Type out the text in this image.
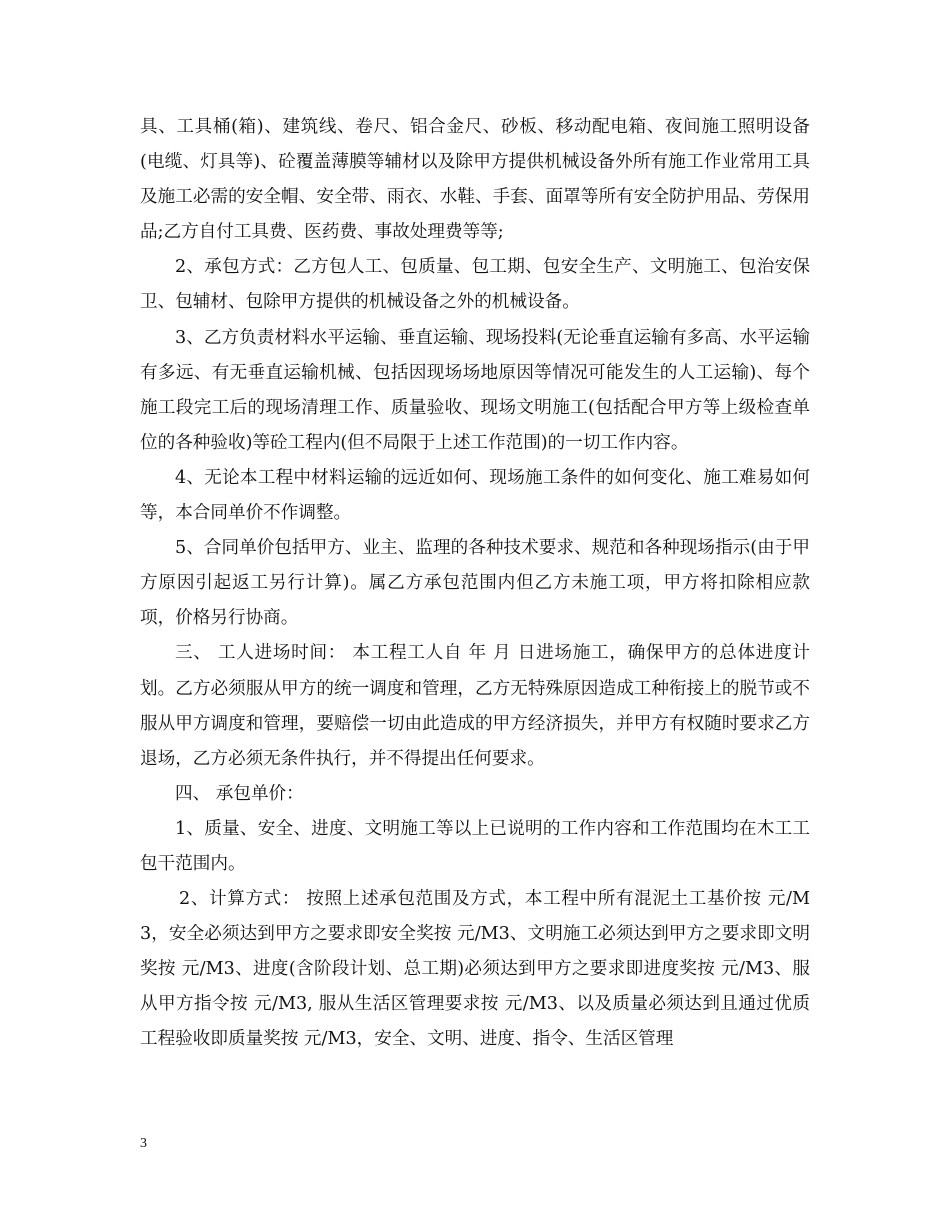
具、工具桶(箱)、建筑线、卷尺、铝合金尺、砂板、移动配电箱、夜间施工照明设备(电缆、灯具等)、砼覆盖薄膜等辅材以及除甲方提供机械设备外所有施工作业常用工具及施工必需的安全帽、安全带、雨衣、水鞋、手套、面罩等所有安全防护用品、劳保用品;乙方自付工具费、医药费、事故处理费等等;

2、承包方式：乙方包人工、包质量、包工期、包安全生产、文明施工、包治安保卫、包辅材、包除甲方提供的机械设备之外的机械设备。

3、乙方负责材料水平运输、垂直运输、现场投料(无论垂直运输有多高、水平运输有多远、有无垂直运输机械、包括因现场场地原因等情况可能发生的人工运输)、每个施工段完工后的现场清理工作、质量验收、现场文明施工(包括配合甲方等上级检查单位的各种验收)等砼工程内(但不局限于上述工作范围)的一切工作内容。

4、无论本工程中材料运输的远近如何、现场施工条件的如何变化、施工难易如何等，本合同单价不作调整。

5、合同单价包括甲方、业主、监理的各种技术要求、规范和各种现场指示(由于甲方原因引起返工另行计算)。属乙方承包范围内但乙方未施工项，甲方将扣除相应款项，价格另行协商。

三、 工人进场时间： 本工程工人自 年 月 日进场施工，确保甲方的总体进度计划。乙方必须服从甲方的统一调度和管理，乙方无特殊原因造成工种衔接上的脱节或不服从甲方调度和管理，要赔偿一切由此造成的甲方经济损失，并甲方有权随时要求乙方退场，乙方必须无条件执行，并不得提出任何要求。

四、 承包单价：

1、质量、安全、进度、文明施工等以上已说明的工作内容和工作范围均在木工工包干范围内。

2、计算方式： 按照上述承包范围及方式，本工程中所有混泥土工基价按 元/M3，安全必须达到甲方之要求即安全奖按 元/M3、文明施工必须达到甲方之要求即文明奖按 元/M3、进度(含阶段计划、总工期)必须达到甲方之要求即进度奖按 元/M3、服从甲方指令按 元/M3, 服从生活区管理要求按 元/M3、以及质量必须达到且通过优质工程验收即质量奖按 元/M3，安全、文明、进度、指令、生活区管理

3
